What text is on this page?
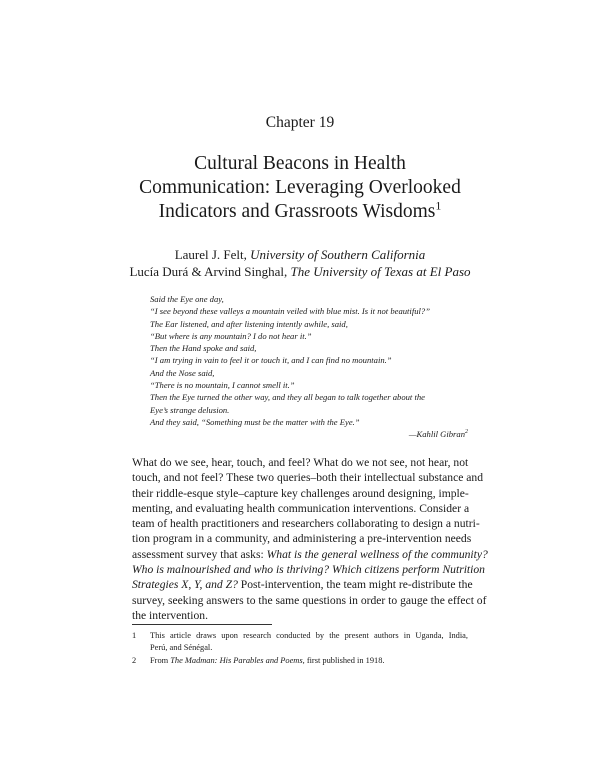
Chapter 19
Cultural Beacons in Health
Communication: Leveraging Overlooked
Indicators and Grassroots Wisdoms$^1$
Laurel J. Felt, University of Southern California
Lucía Durá & Arvind Singhal, The University of Texas at El Paso
Said the Eye one day,
“I see beyond these valleys a mountain veiled with blue mist. Is it not beautiful?”
The Ear listened, and after listening intently awhile, said,
“But where is any mountain? I do not hear it.”
Then the Hand spoke and said,
“I am trying in vain to feel it or touch it, and I can find no mountain.”
And the Nose said,
“There is no mountain, I cannot smell it.”
Then the Eye turned the other way, and they all began to talk together about the
Eye’s strange delusion.
And they said, “Something must be the matter with the Eye.”
—Kahlil Gibran$^2$
What do we see, hear, touch, and feel? What do we not see, not hear, not
touch, and not feel? These two queries–both their intellectual substance and
their riddle-esque style–capture key challenges around designing, imple-
menting, and evaluating health communication interventions. Consider a
team of health practitioners and researchers collaborating to design a nutri-
tion program in a community, and administering a pre-intervention needs
assessment survey that asks: What is the general wellness of the community?
Who is malnourished and who is thriving? Which citizens perform Nutrition
Strategies X, Y, and Z? Post-intervention, the team might re-distribute the
survey, seeking answers to the same questions in order to gauge the effect of
the intervention.
1	This article draws upon research conducted by the present authors in Uganda, India,
Perú, and Sénégal.
2	From The Madman: His Parables and Poems, first published in 1918.
